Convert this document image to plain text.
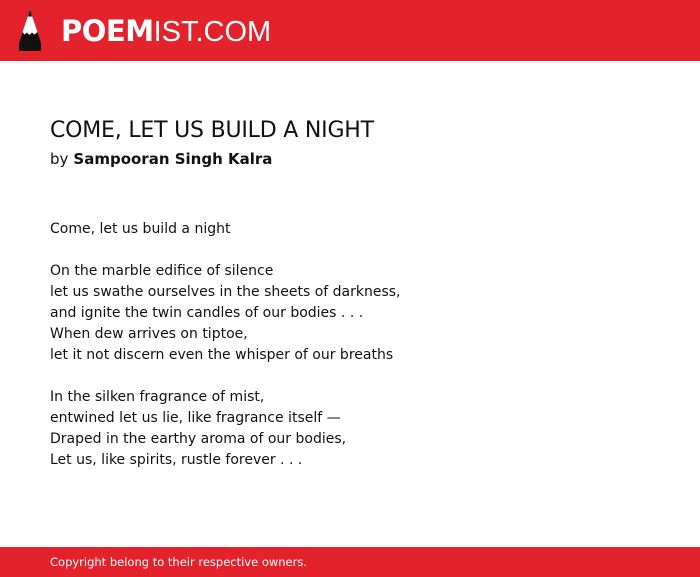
POEMIST.COM
COME, LET US BUILD A NIGHT
by Sampooran Singh Kalra
Come, let us build a night
On the marble edifice of silence
let us swathe ourselves in the sheets of darkness,
and ignite the twin candles of our bodies . . .
When dew arrives on tiptoe,
let it not discern even the whisper of our breaths
In the silken fragrance of mist,
entwined let us lie, like fragrance itself —
Draped in the earthy aroma of our bodies,
Let us, like spirits, rustle forever . . .
Copyright belong to their respective owners.
